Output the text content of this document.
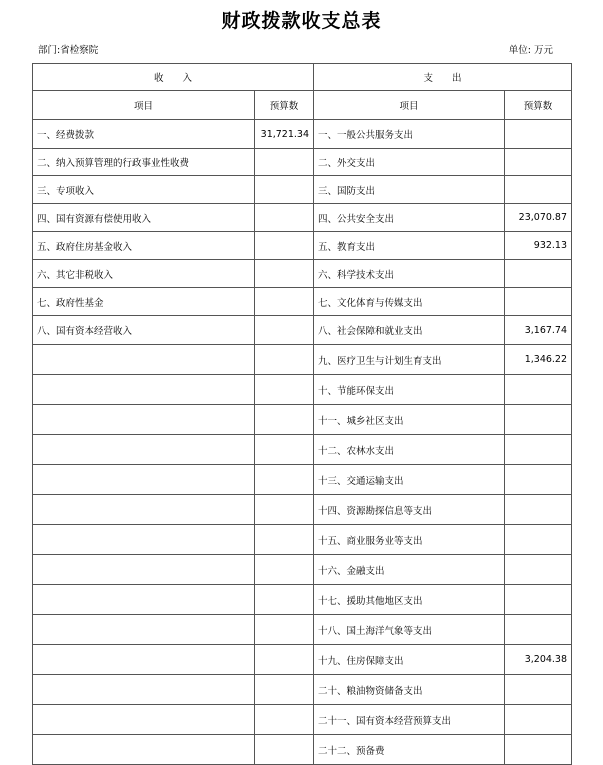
财政拨款收支总表
部门:省检察院	单位: 万元
收　　入		支　　出	
项目	预算数	项目	预算数
一、经费拨款	31,721.34	一、一般公共服务支出	
二、纳入预算管理的行政事业性收费		二、外交支出	
三、专项收入		三、国防支出	
四、国有资源有偿使用收入		四、公共安全支出	23,070.87
五、政府住房基金收入		五、教育支出	932.13
六、其它非税收入		六、科学技术支出	
七、政府性基金		七、文化体育与传媒支出	
八、国有资本经营收入		八、社会保障和就业支出	3,167.74
		九、医疗卫生与计划生育支出	1,346.22
		十、节能环保支出	
		十一、城乡社区支出	
		十二、农林水支出	
		十三、交通运输支出	
		十四、资源勘探信息等支出	
		十五、商业服务业等支出	
		十六、金融支出	
		十七、援助其他地区支出	
		十八、国土海洋气象等支出	
		十九、住房保障支出	3,204.38
		二十、粮油物资储备支出	
		二十一、国有资本经营预算支出	
		二十二、预备费	
